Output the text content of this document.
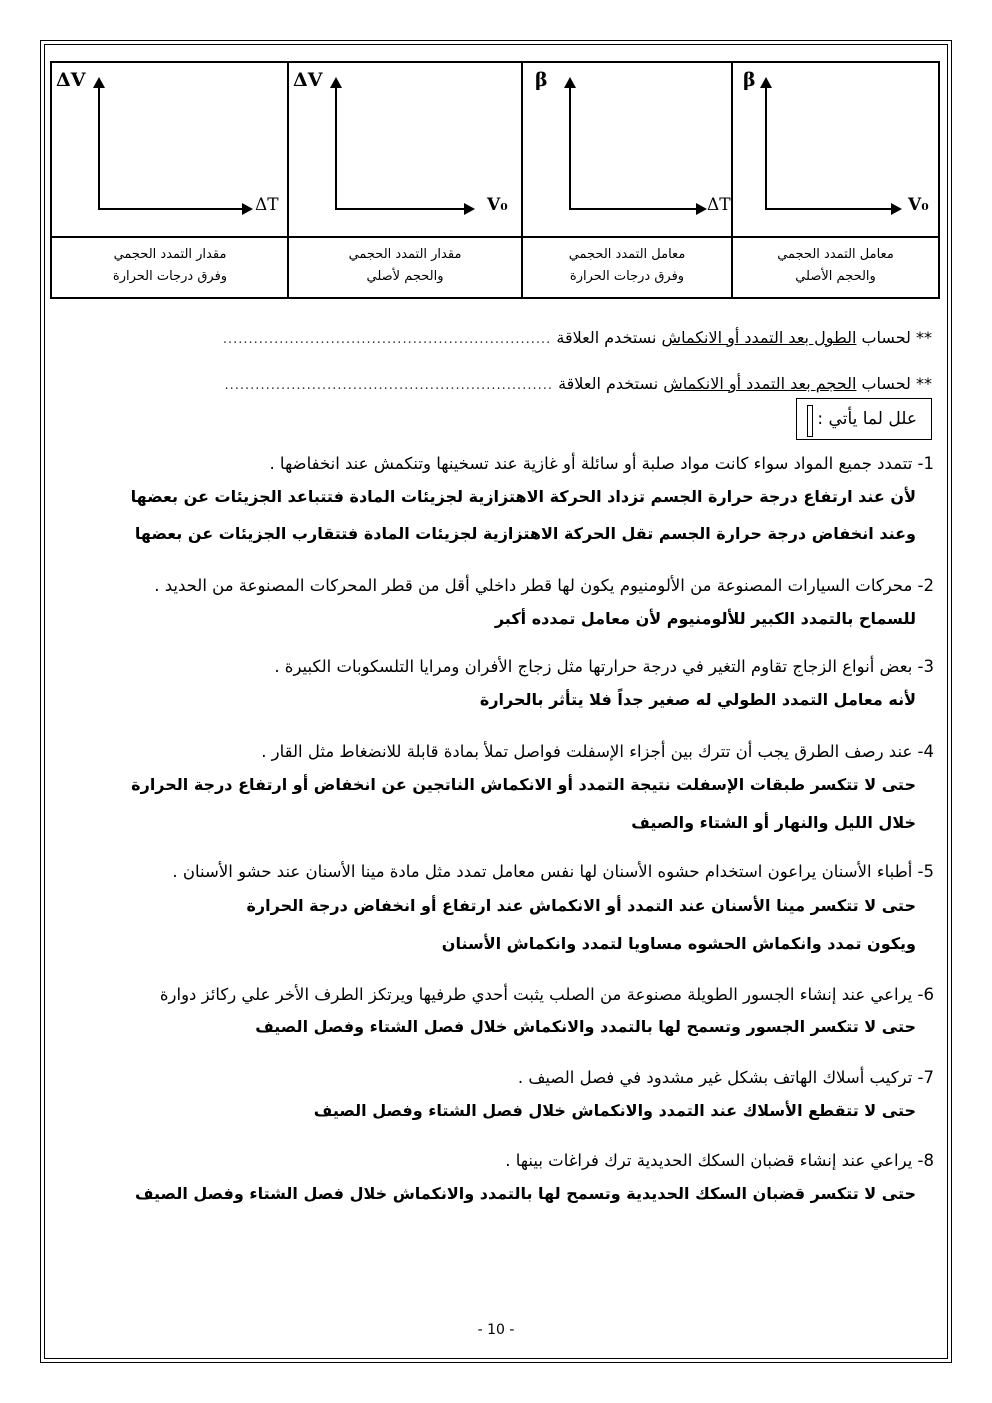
ΔV
ΔT
مقدار التمدد الحجمي
وفرق درجات الحرارة
ΔV
V₀
مقدار التمدد الحجمي
والحجم لأصلي
β
ΔT
معامل التمدد الحجمي
وفرق درجات الحرارة
β
V₀
معامل التمدد الحجمي
والحجم الأصلي
** لحساب الطول بعد التمدد أو الانكماش نستخدم العلاقة ................................................................
** لحساب الحجم بعد التمدد أو الانكماش نستخدم العلاقة ................................................................
علل لما يأتي :
1- تتمدد جميع المواد سواء كانت مواد صلبة أو سائلة أو غازية عند تسخينها وتنكمش عند انخفاضها .
لأن عند ارتفاع درجة حرارة الجسم تزداد الحركة الاهتزازية لجزيئات المادة فتتباعد الجزيئات عن بعضها
وعند انخفاض درجة حرارة الجسم تقل الحركة الاهتزازية لجزيئات المادة فتتقارب الجزيئات عن بعضها
2- محركات السيارات المصنوعة من الألومنيوم يكون لها قطر داخلي أقل من قطر المحركات المصنوعة من الحديد .
للسماح بالتمدد الكبير للألومنيوم لأن معامل تمدده أكبر
3- بعض أنواع الزجاج تقاوم التغير في درجة حرارتها مثل زجاج الأفران ومرايا التلسكوبات الكبيرة .
لأنه معامل التمدد الطولي له صغير جداً فلا يتأثر بالحرارة
4- عند رصف الطرق يجب أن تترك بين أجزاء الإسفلت فواصل تملأ بمادة قابلة للانضغاط مثل القار .
حتى لا تتكسر طبقات الإسفلت نتيجة التمدد أو الانكماش الناتجين عن انخفاض أو ارتفاع درجة الحرارة
خلال الليل والنهار أو الشتاء والصيف
5- أطباء الأسنان يراعون استخدام حشوه الأسنان لها نفس معامل تمدد مثل مادة مينا الأسنان عند حشو الأسنان .
حتى لا تتكسر مينا الأسنان عند التمدد أو الانكماش عند ارتفاع أو انخفاض درجة الحرارة
ويكون تمدد وانكماش الحشوه مساويا لتمدد وانكماش الأسنان
6- يراعي عند إنشاء الجسور الطويلة مصنوعة من الصلب يثبت أحدي طرفيها ويرتكز الطرف الأخر علي ركائز دوارة
حتى لا تتكسر الجسور وتسمح لها بالتمدد والانكماش خلال فصل الشتاء وفصل الصيف
7- تركيب أسلاك الهاتف بشكل غير مشدود في فصل الصيف .
حتى لا تتقطع الأسلاك عند التمدد والانكماش خلال فصل الشتاء وفصل الصيف
8- يراعي عند إنشاء قضبان السكك الحديدية ترك فراغات بينها .
حتى لا تتكسر قضبان السكك الحديدية وتسمح لها بالتمدد والانكماش خلال فصل الشتاء وفصل الصيف
- 10 -
